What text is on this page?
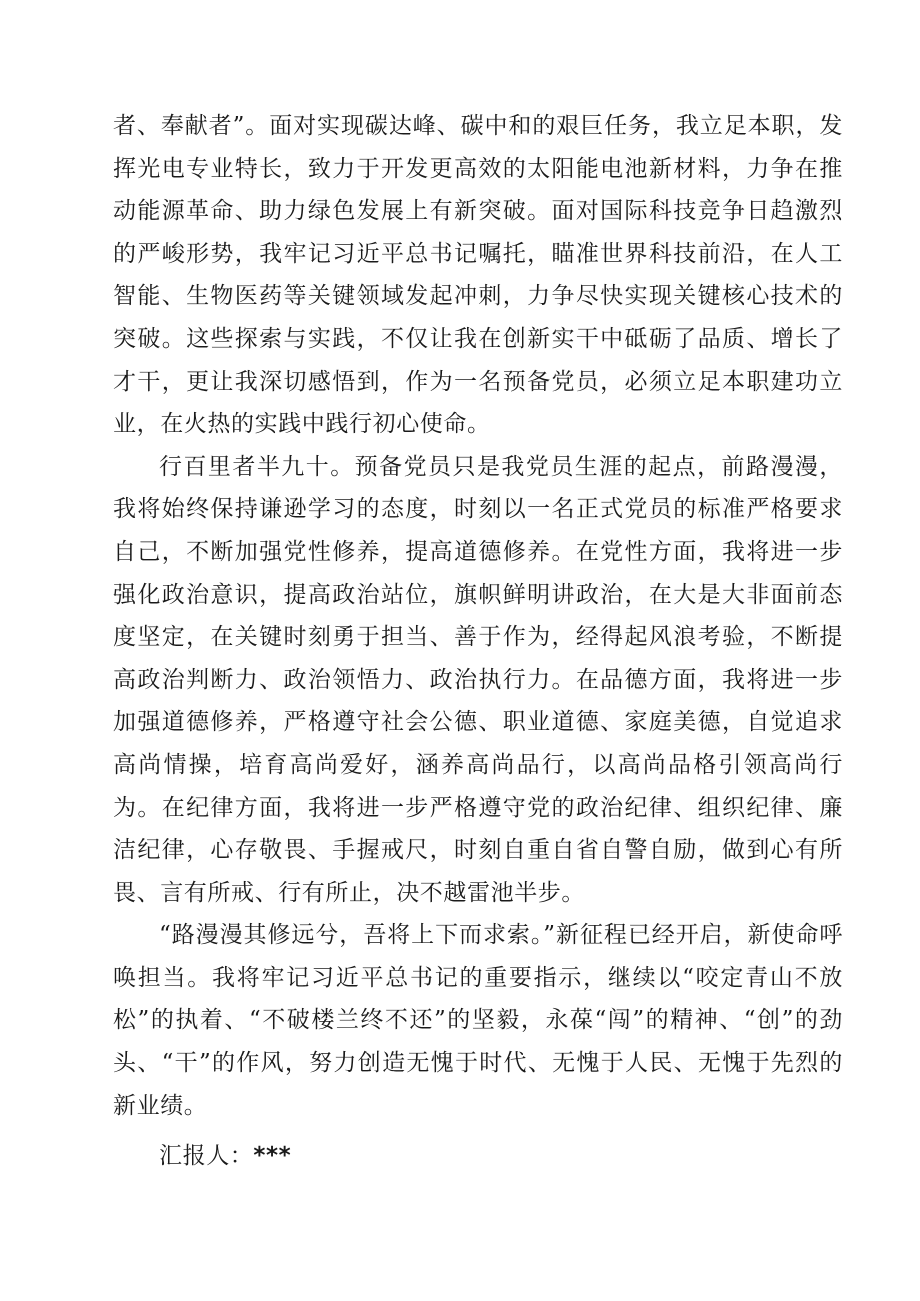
者、奉献者”。面对实现碳达峰、碳中和的艰巨任务，我立足本职，发挥光电专业特长，致力于开发更高效的太阳能电池新材料，力争在推动能源革命、助力绿色发展上有新突破。面对国际科技竞争日趋激烈的严峻形势，我牢记习近平总书记嘱托，瞄准世界科技前沿，在人工智能、生物医药等关键领域发起冲刺，力争尽快实现关键核心技术的突破。这些探索与实践，不仅让我在创新实干中砥砺了品质、增长了才干，更让我深切感悟到，作为一名预备党员，必须立足本职建功立业，在火热的实践中践行初心使命。

行百里者半九十。预备党员只是我党员生涯的起点，前路漫漫，我将始终保持谦逊学习的态度，时刻以一名正式党员的标准严格要求自己，不断加强党性修养，提高道德修养。在党性方面，我将进一步强化政治意识，提高政治站位，旗帜鲜明讲政治，在大是大非面前态度坚定，在关键时刻勇于担当、善于作为，经得起风浪考验，不断提高政治判断力、政治领悟力、政治执行力。在品德方面，我将进一步加强道德修养，严格遵守社会公德、职业道德、家庭美德，自觉追求高尚情操，培育高尚爱好，涵养高尚品行，以高尚品格引领高尚行为。在纪律方面，我将进一步严格遵守党的政治纪律、组织纪律、廉洁纪律，心存敬畏、手握戒尺，时刻自重自省自警自励，做到心有所畏、言有所戒、行有所止，决不越雷池半步。

“路漫漫其修远兮，吾将上下而求索。”新征程已经开启，新使命呼唤担当。我将牢记习近平总书记的重要指示，继续以“咬定青山不放松”的执着、“不破楼兰终不还”的坚毅，永葆“闯”的精神、“创”的劲头、“干”的作风，努力创造无愧于时代、无愧于人民、无愧于先烈的新业绩。

汇报人：***
